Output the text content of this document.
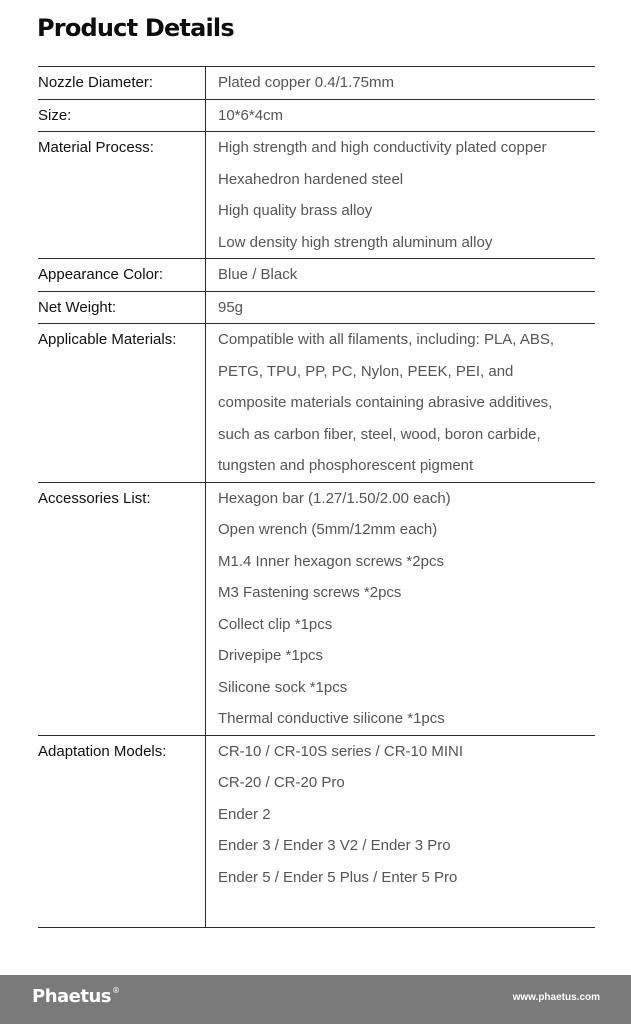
Product Details
Nozzle Diameter:	Plated copper 0.4/1.75mm
Size:	10*6*4cm
Material Process:	High strength and high conductivity plated copper
Hexahedron hardened steel
High quality brass alloy
Low density high strength aluminum alloy
Appearance Color:	Blue / Black
Net Weight:	95g
Applicable Materials:	Compatible with all filaments, including: PLA, ABS,
PETG, TPU, PP, PC, Nylon, PEEK, PEI, and
composite materials containing abrasive additives,
such as carbon fiber, steel, wood, boron carbide,
tungsten and phosphorescent pigment
Accessories List:	Hexagon bar (1.27/1.50/2.00 each)
Open wrench (5mm/12mm each)
M1.4 Inner hexagon screws *2pcs
M3 Fastening screws *2pcs
Collect clip *1pcs
Drivepipe *1pcs
Silicone sock *1pcs
Thermal conductive silicone *1pcs
Adaptation Models:	CR-10 / CR-10S series / CR-10 MINI
CR-20 / CR-20 Pro
Ender 2
Ender 3 / Ender 3 V2 / Ender 3 Pro
Ender 5 / Ender 5 Plus / Enter 5 Pro
Phaetus®
www.phaetus.com
